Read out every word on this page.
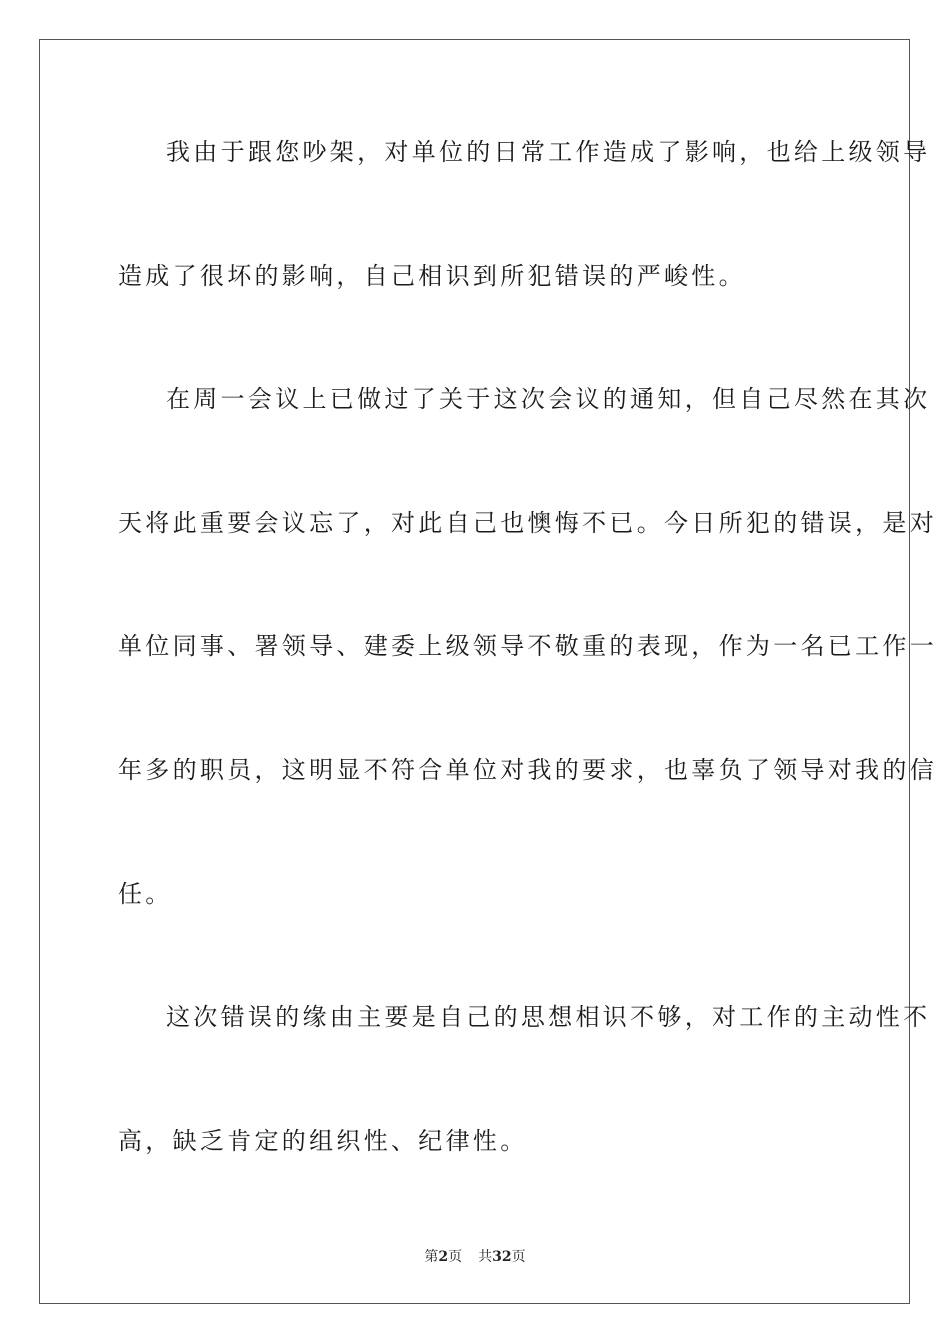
我由于跟您吵架，对单位的日常工作造成了影响，也给上级领导
造成了很坏的影响，自己相识到所犯错误的严峻性。
在周一会议上已做过了关于这次会议的通知，但自己尽然在其次
天将此重要会议忘了，对此自己也懊悔不已。今日所犯的错误，是对
单位同事、署领导、建委上级领导不敬重的表现，作为一名已工作一
年多的职员，这明显不符合单位对我的要求，也辜负了领导对我的信
任。
这次错误的缘由主要是自己的思想相识不够，对工作的主动性不
高，缺乏肯定的组织性、纪律性。
第2页 共32页
